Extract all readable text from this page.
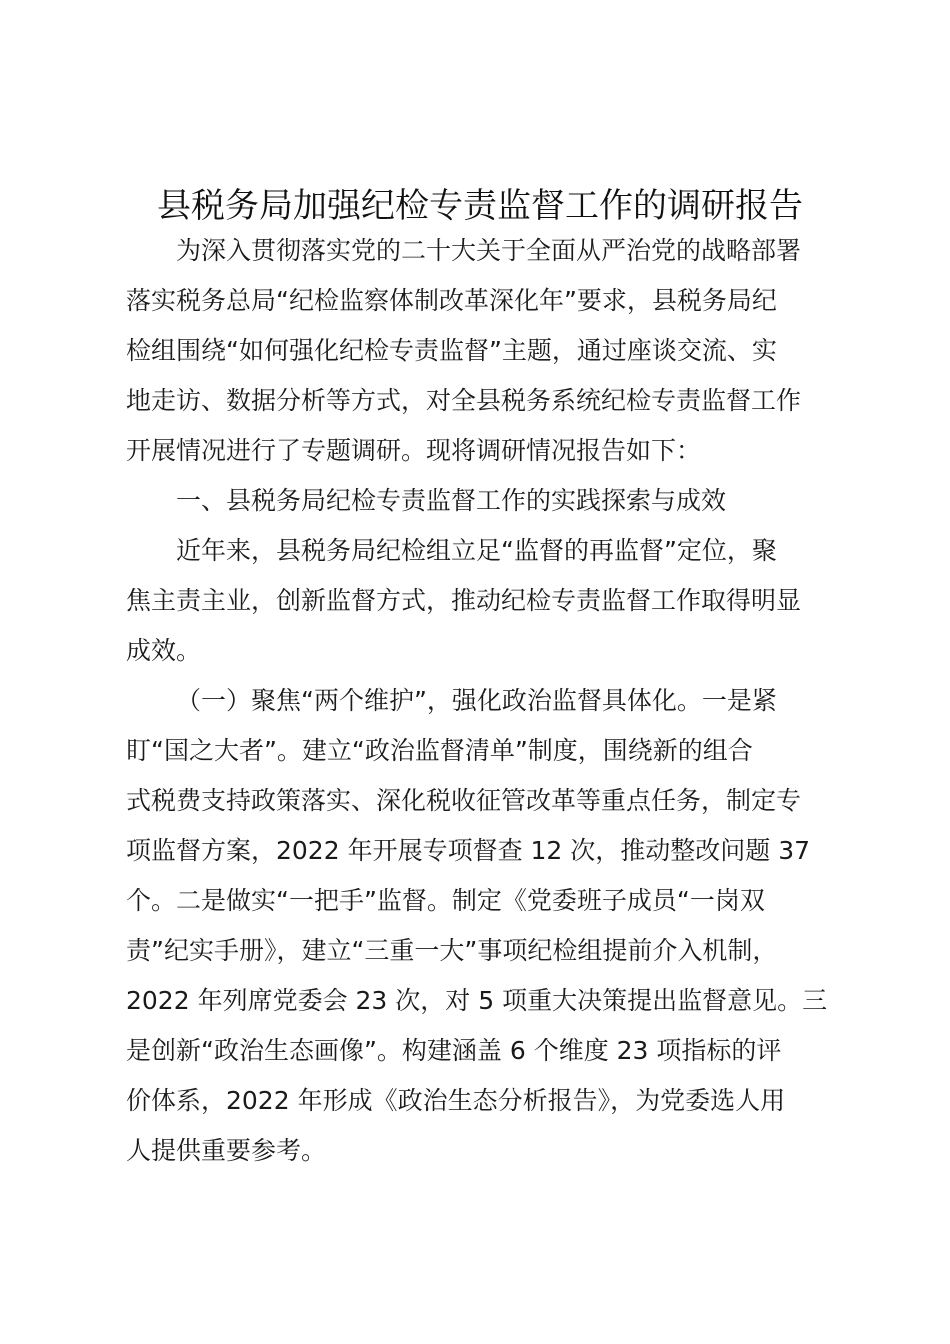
县税务局加强纪检专责监督工作的调研报告

为深入贯彻落实党的二十大关于全面从严治党的战略部署
落实税务总局“纪检监察体制改革深化年”要求，县税务局纪
检组围绕“如何强化纪检专责监督”主题，通过座谈交流、实
地走访、数据分析等方式，对全县税务系统纪检专责监督工作
开展情况进行了专题调研。现将调研情况报告如下：

一、县税务局纪检专责监督工作的实践探索与成效

近年来，县税务局纪检组立足“监督的再监督”定位，聚
焦主责主业，创新监督方式，推动纪检专责监督工作取得明显
成效。

（一）聚焦“两个维护”，强化政治监督具体化。一是紧
盯“国之大者”。建立“政治监督清单”制度，围绕新的组合
式税费支持政策落实、深化税收征管改革等重点任务，制定专
项监督方案，2022 年开展专项督查 12 次，推动整改问题 37
个。二是做实“一把手”监督。制定《党委班子成员“一岗双
责”纪实手册》，建立“三重一大”事项纪检组提前介入机制，
2022 年列席党委会 23 次，对 5 项重大决策提出监督意见。三
是创新“政治生态画像”。构建涵盖 6 个维度 23 项指标的评
价体系，2022 年形成《政治生态分析报告》，为党委选人用
人提供重要参考。
